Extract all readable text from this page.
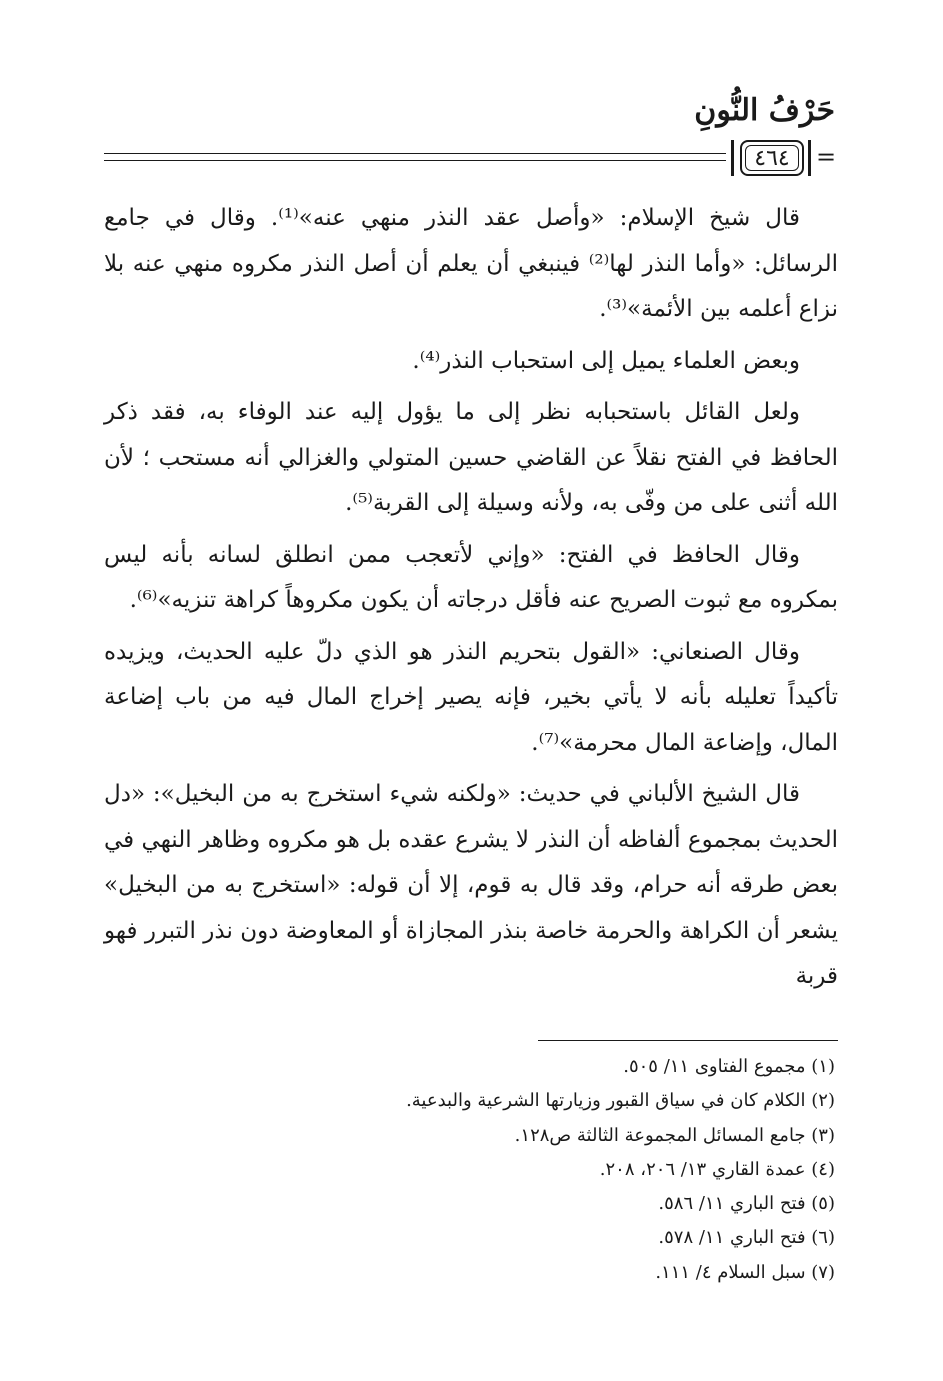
حَرْفُ النُّونِ
٤٦٤ =

قال شيخ الإسلام: «وأصل عقد النذر منهي عنه»⁽¹⁾. وقال في جامع الرسائل: «وأما النذر لها⁽²⁾ فينبغي أن يعلم أن أصل النذر مكروه منهي عنه بلا نزاع أعلمه بين الأئمة»⁽³⁾.

وبعض العلماء يميل إلى استحباب النذر⁽⁴⁾.

ولعل القائل باستحبابه نظر إلى ما يؤول إليه عند الوفاء به، فقد ذكر الحافظ في الفتح نقلاً عن القاضي حسين المتولي والغزالي أنه مستحب ؛ لأن الله أثنى على من وفّى به، ولأنه وسيلة إلى القربة⁽⁵⁾.

وقال الحافظ في الفتح: «وإني لأتعجب ممن انطلق لسانه بأنه ليس بمكروه مع ثبوت الصريح عنه فأقل درجاته أن يكون مكروهاً كراهة تنزيه»⁽⁶⁾.

وقال الصنعاني: «القول بتحريم النذر هو الذي دلّ عليه الحديث، ويزيده تأكيداً تعليله بأنه لا يأتي بخير، فإنه يصير إخراج المال فيه من باب إضاعة المال، وإضاعة المال محرمة»⁽⁷⁾.

قال الشيخ الألباني في حديث: «ولكنه شيء استخرج به من البخيل»: «دل الحديث بمجموع ألفاظه أن النذر لا يشرع عقده بل هو مكروه وظاهر النهي في بعض طرقه أنه حرام، وقد قال به قوم، إلا أن قوله: «استخرج به من البخيل» يشعر أن الكراهة والحرمة خاصة بنذر المجازاة أو المعاوضة دون نذر التبرر فهو قربة

(١) مجموع الفتاوى ١١/ ٥٠٥.
(٢) الكلام كان في سياق القبور وزيارتها الشرعية والبدعية.
(٣) جامع المسائل المجموعة الثالثة ص١٢٨.
(٤) عمدة القاري ١٣/ ٢٠٦، ٢٠٨.
(٥) فتح الباري ١١/ ٥٨٦.
(٦) فتح الباري ١١/ ٥٧٨.
(٧) سبل السلام ٤/ ١١١.
